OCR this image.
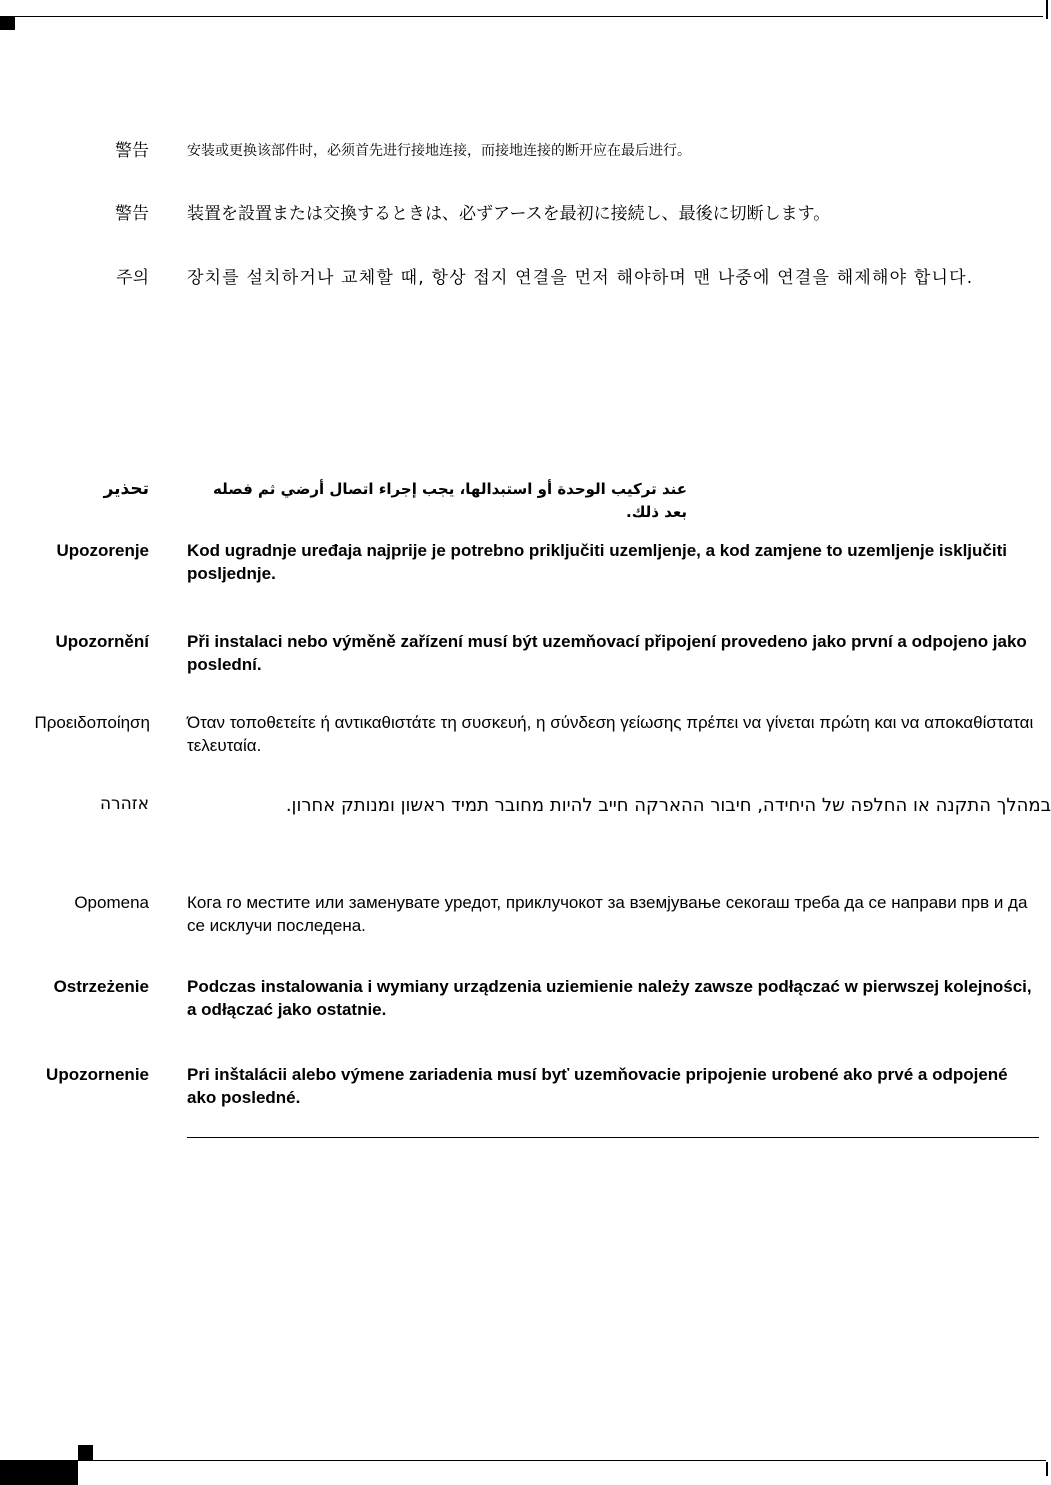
警告	安装或更换该部件时，必须首先进行接地连接，而接地连接的断开应在最后进行。
警告 装置を設置または交換するときは、必ずアースを最初に接続し、最後に切断します。
주의 장치를 설치하거나 교체할 때, 항상 접지 연결을 먼저 해야하며 맨 나중에 연결을 해제해야 합니다.
تحذير	عند تركيب الوحدة أو استبدالها، يجب إجراء اتصال أرضي ثم فصله بعد ذلك.
Upozorenje Kod ugradnje uređaja najprije je potrebno priključiti uzemljenje, a kod zamjene to uzemljenje isključiti posljednje.
Upozornění Při instalaci nebo výměně zařízení musí být uzemňovací připojení provedeno jako první a odpojeno jako poslední.
Προειδοποίηση Όταν τοποθετείτε ή αντικαθιστάτε τη συσκευή, η σύνδεση γείωσης πρέπει να γίνεται πρώτη και να αποκαθίσταται τελευταία.
אזהרה	במהלך התקנה או החלפה של היחידה, חיבור ההארקה חייב להיות מחובר תמיד ראשון ומנותק אחרון.
Opomena Кога го местите или заменувате уредот, приклучокот за вземјување секогаш треба да се направи прв и да се исклучи последена.
Ostrzeżenie Podczas instalowania i wymiany urządzenia uziemienie należy zawsze podłączać w pierwszej kolejności, a odłączać jako ostatnie.
Upozornenie Pri inštalácii alebo výmene zariadenia musí byť uzemňovacie pripojenie urobené ako prvé a odpojené ako posledné.
